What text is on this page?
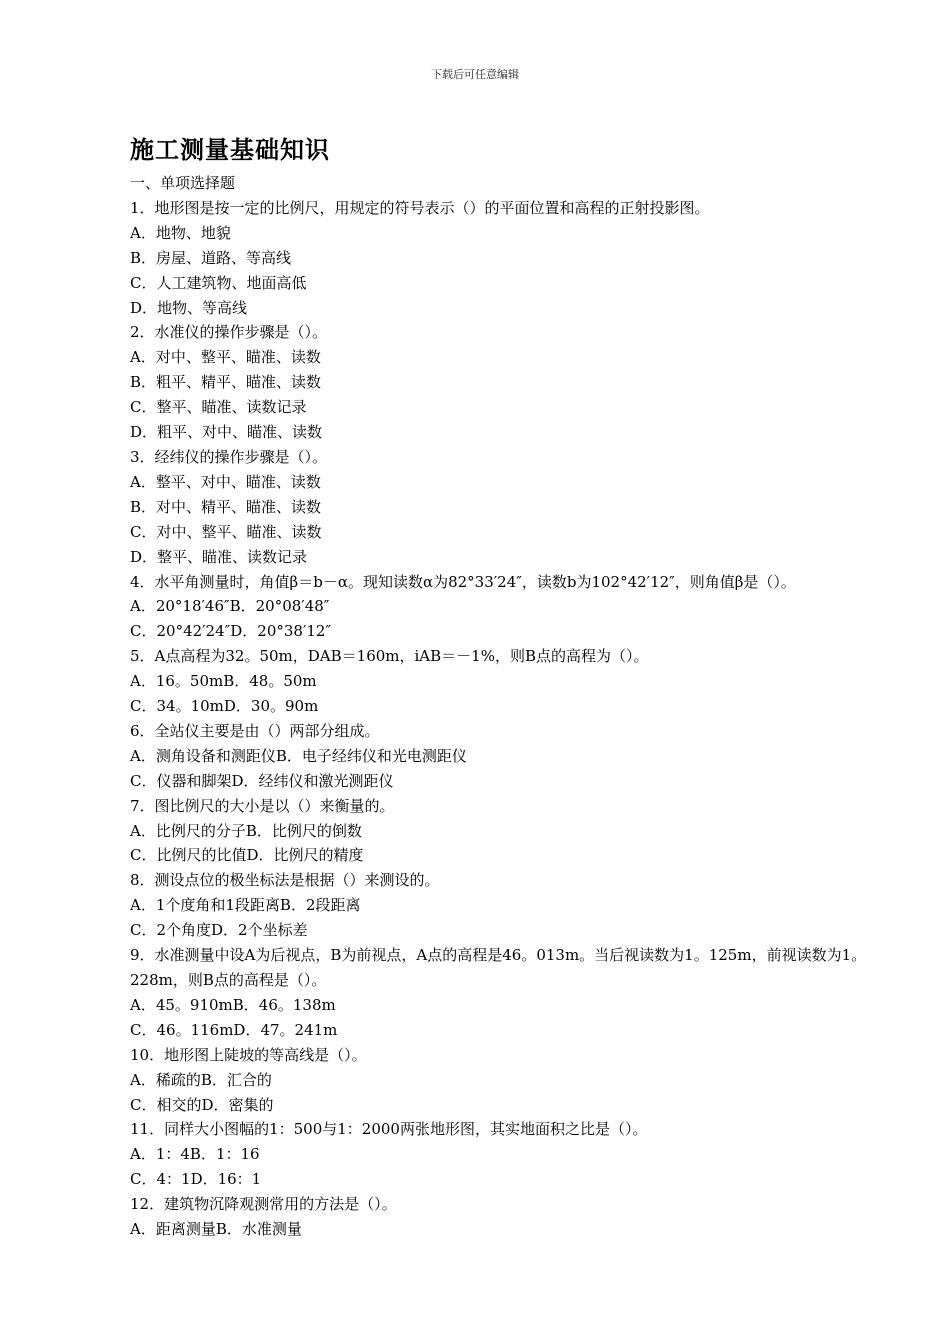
下载后可任意编辑
施工测量基础知识
一、单项选择题
1．地形图是按一定的比例尺，用规定的符号表示（）的平面位置和高程的正射投影图。
A．地物、地貌
B．房屋、道路、等高线
C．人工建筑物、地面高低
D．地物、等高线
2．水准仪的操作步骤是（）。
A．对中、整平、瞄准、读数
B．粗平、精平、瞄准、读数
C．整平、瞄准、读数记录
D．粗平、对中、瞄准、读数
3．经纬仪的操作步骤是（）。
A．整平、对中、瞄准、读数
B．对中、精平、瞄准、读数
C．对中、整平、瞄准、读数
D．整平、瞄准、读数记录
4．水平角测量时，角值β＝b－α。现知读数α为82°33′24″，读数b为102°42′12″，则角值β是（）。
A．20°18′46″B．20°08′48″
C．20°42′24″D．20°38′12″
5．A点高程为32。50m，DAB＝160m，iAB＝－1%，则B点的高程为（）。
A．16。50mB．48。50m
C．34。10mD．30。90m
6．全站仪主要是由（）两部分组成。
A．测角设备和测距仪B．电子经纬仪和光电测距仪
C．仪器和脚架D．经纬仪和激光测距仪
7．图比例尺的大小是以（）来衡量的。
A．比例尺的分子B．比例尺的倒数
C．比例尺的比值D．比例尺的精度
8．测设点位的极坐标法是根据（）来测设的。
A．1个度角和1段距离B．2段距离
C．2个角度D．2个坐标差
9．水准测量中设A为后视点，B为前视点，A点的高程是46。013m。当后视读数为1。125m，前视读数为1。228m，则B点的高程是（）。
A．45。910mB．46。138m
C．46。116mD．47。241m
10．地形图上陡坡的等高线是（）。
A．稀疏的B．汇合的
C．相交的D．密集的
11．同样大小图幅的1：500与1：2000两张地形图，其实地面积之比是（）。
A．1：4B．1：16
C．4：1D．16：1
12．建筑物沉降观测常用的方法是（）。
A．距离测量B．水准测量
